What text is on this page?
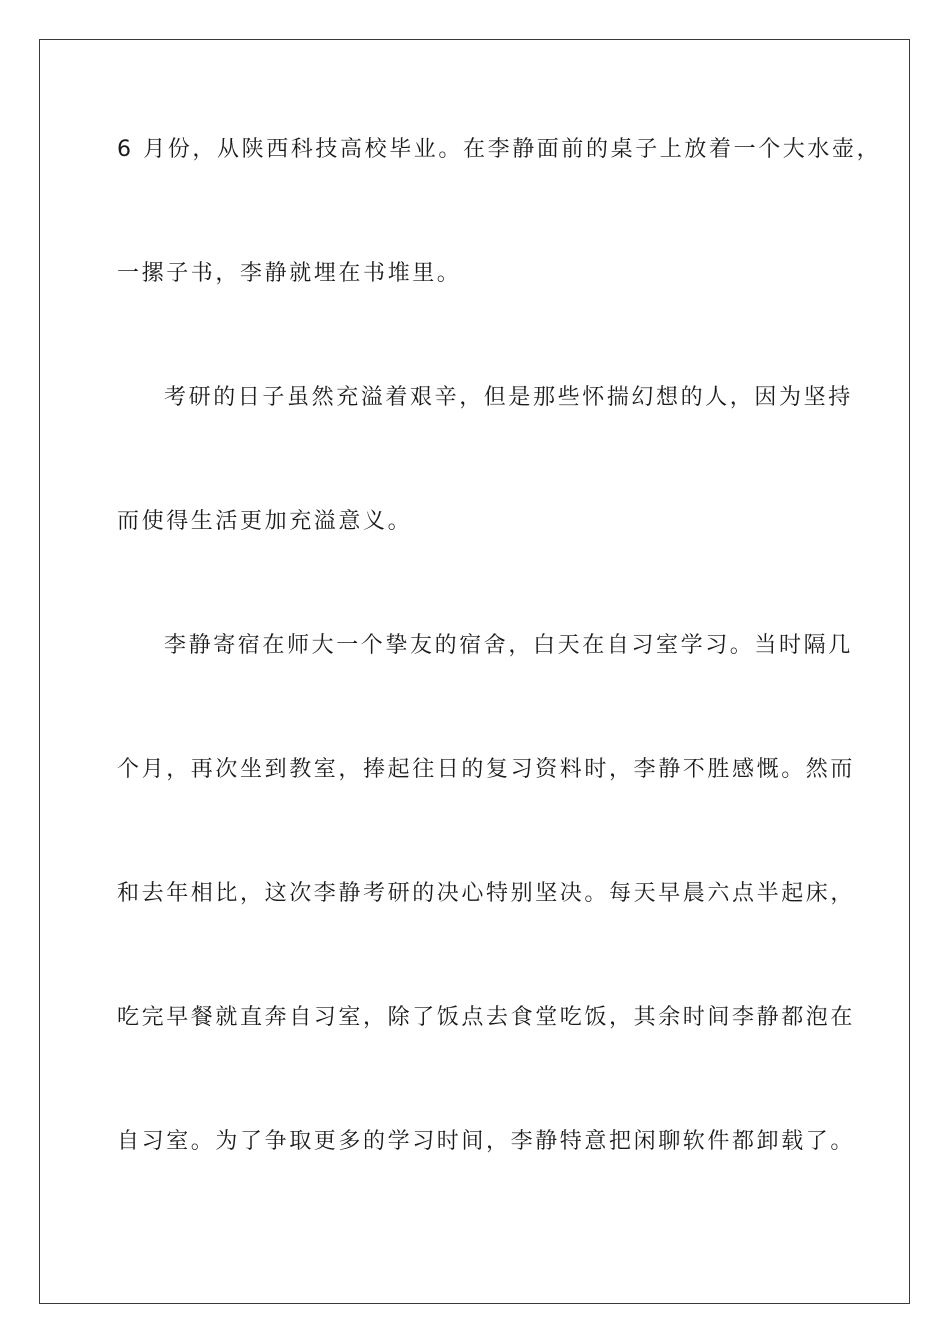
6 月份，从陕西科技高校毕业。在李静面前的桌子上放着一个大水壶，
一摞子书，李静就埋在书堆里。
考研的日子虽然充溢着艰辛，但是那些怀揣幻想的人，因为坚持
而使得生活更加充溢意义。
李静寄宿在师大一个挚友的宿舍，白天在自习室学习。当时隔几
个月，再次坐到教室，捧起往日的复习资料时，李静不胜感慨。然而
和去年相比，这次李静考研的决心特别坚决。每天早晨六点半起床，
吃完早餐就直奔自习室，除了饭点去食堂吃饭，其余时间李静都泡在
自习室。为了争取更多的学习时间，李静特意把闲聊软件都卸载了。
